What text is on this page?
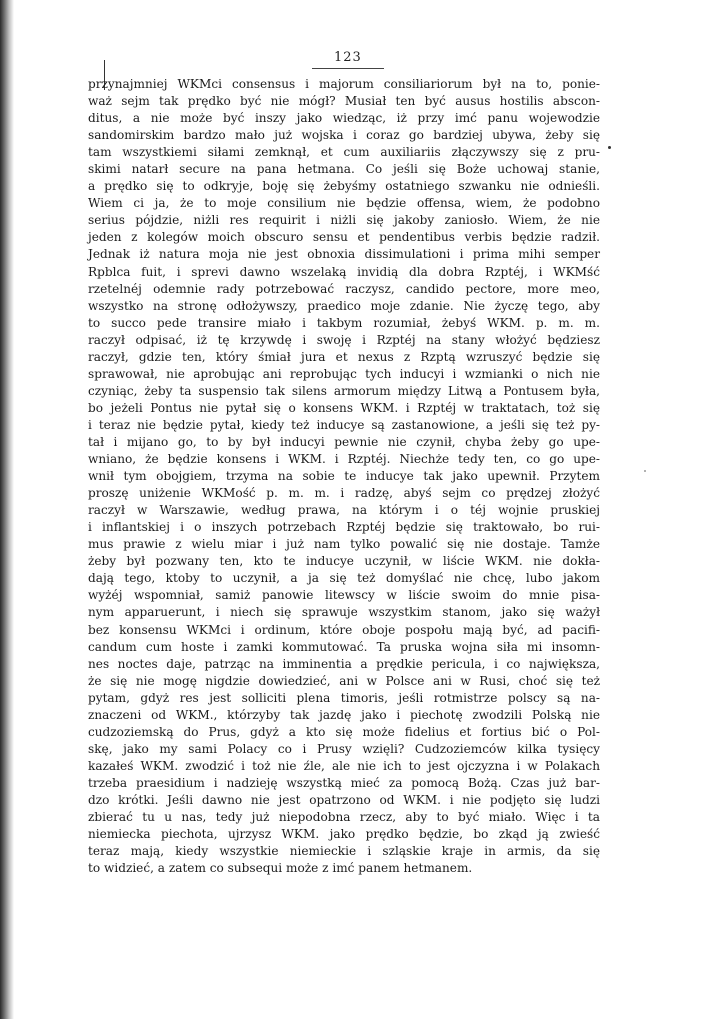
123
przynajmniej WKMci consensus i majorum consiliariorum był na to, ponie-
waż sejm tak prędko być nie mógł? Musiał ten być ausus hostilis abscon-
ditus, a nie może być inszy jako wiedząc, iż przy imć panu wojewodzie
sandomirskim bardzo mało już wojska i coraz go bardziej ubywa, żeby się
tam wszystkiemi siłami zemknął, et cum auxiliariis złączywszy się z pru-
skimi natarł secure na pana hetmana. Co jeśli się Boże uchowaj stanie,
a prędko się to odkryje, boję się żebyśmy ostatniego szwanku nie odnieśli.
Wiem ci ja, że to moje consilium nie będzie offensa, wiem, że podobno
serius pójdzie, niżli res requirit i niżli się jakoby zaniosło. Wiem, że nie
jeden z kolegów moich obscuro sensu et pendentibus verbis będzie radził.
Jednak iż natura moja nie jest obnoxia dissimulationi i prima mihi semper
Rpblca fuit, i sprevi dawno wszelaką invidią dla dobra Rzptéj, i WKMść
rzetelnéj odemnie rady potrzebować raczysz, candido pectore, more meo,
wszystko na stronę odłożywszy, praedico moje zdanie. Nie życzę tego, aby
to succo pede transire miało i takbym rozumiał, żebyś WKM. p. m. m.
raczył odpisać, iż tę krzywdę i swoję i Rzptéj na stany włożyć będziesz
raczył, gdzie ten, który śmiał jura et nexus z Rzptą wzruszyć będzie się
sprawował, nie aprobując ani reprobując tych inducyi i wzmianki o nich nie
czyniąc, żeby ta suspensio tak silens armorum między Litwą a Pontusem była,
bo jeżeli Pontus nie pytał się o konsens WKM. i Rzptéj w traktatach, toż się
i teraz nie będzie pytał, kiedy też inducye są zastanowione, a jeśli się też py-
tał i mijano go, to by był inducyi pewnie nie czynił, chyba żeby go upe-
wniano, że będzie konsens i WKM. i Rzptéj. Niechże tedy ten, co go upe-
wnił tym obojgiem, trzyma na sobie te inducye tak jako upewnił. Przytem
proszę uniżenie WKMość p. m. m. i radzę, abyś sejm co prędzej złożyć
raczył w Warszawie, według prawa, na którym i o téj wojnie pruskiej
i inflantskiej i o inszych potrzebach Rzptéj będzie się traktowało, bo rui-
mus prawie z wielu miar i już nam tylko powalić się nie dostaje. Tamże
żeby był pozwany ten, kto te inducye uczynił, w liście WKM. nie dokła-
dają tego, ktoby to uczynił, a ja się też domyślać nie chcę, lubo jakom
wyżéj wspomniał, samiż panowie litewscy w liście swoim do mnie pisa-
nym apparuerunt, i niech się sprawuje wszystkim stanom, jako się ważył
bez konsensu WKMci i ordinum, które oboje pospołu mają być, ad pacifi-
candum cum hoste i zamki kommutować. Ta pruska wojna siła mi insomn-
nes noctes daje, patrząc na imminentia a prędkie pericula, i co największa,
że się nie mogę nigdzie dowiedzieć, ani w Polsce ani w Rusi, choć się też
pytam, gdyż res jest solliciti plena timoris, jeśli rotmistrze polscy są na-
znaczeni od WKM., którzyby tak jazdę jako i piechotę zwodzili Polską nie
cudzoziemską do Prus, gdyż a kto się może fidelius et fortius bić o Pol-
skę, jako my sami Polacy co i Prusy wzięli? Cudzoziemców kilka tysięcy
kazałeś WKM. zwodzić i toż nie źle, ale nie ich to jest ojczyzna i w Polakach
trzeba praesidium i nadzieję wszystką mieć za pomocą Bożą. Czas już bar-
dzo krótki. Jeśli dawno nie jest opatrzono od WKM. i nie podjęto się ludzi
zbierać tu u nas, tedy już niepodobna rzecz, aby to być miało. Więc i ta
niemiecka piechota, ujrzysz WKM. jako prędko będzie, bo zkąd ją zwieść
teraz mają, kiedy wszystkie niemieckie i szląskie kraje in armis, da się
to widzieć, a zatem co subsequi może z imć panem hetmanem.
